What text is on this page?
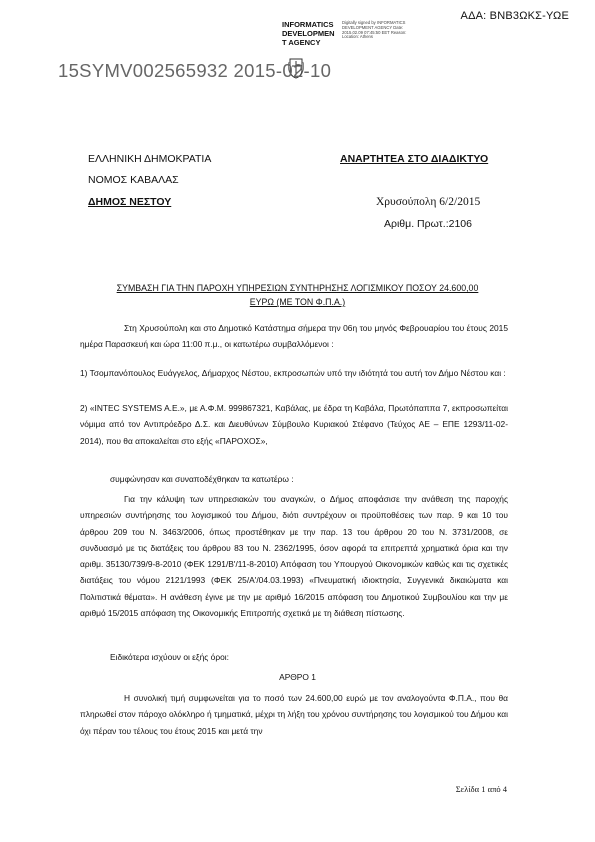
ΑΔΑ: ΒΝΒ3ΩΚΣ-ΥΩΕ
INFORMATICS DEVELOPMEN T AGENCY
Digitally signed by INFORMATICS DEVELOPMENT AGENCY Date: 2015.02.09 07:45:50 EET Reason: Location: Athens
15SYMV002565932 2015-02-10
ΕΛΛΗΝΙΚΗ ΔΗΜΟΚΡΑΤΙΑ
ΝΟΜΟΣ ΚΑΒΑΛΑΣ
ΔΗΜΟΣ ΝΕΣΤΟΥ
ΑΝΑΡΤΗΤΕΑ ΣΤΟ ΔΙΑΔΙΚΤΥΟ
Χρυσούπολη 6/2/2015
Αριθμ. Πρωτ.:2106
ΣΥΜΒΑΣΗ ΓΙΑ ΤΗΝ ΠΑΡΟΧΗ ΥΠΗΡΕΣΙΩΝ ΣΥΝΤΗΡΗΣΗΣ ΛΟΓΙΣΜΙΚΟΥ ΠΟΣΟΥ 24.600,00
ΕΥΡΩ (ΜΕ ΤΟΝ Φ.Π.Α.)
Στη Χρυσούπολη και στο Δημοτικό Κατάστημα σήμερα την 06η του μηνός Φεβρουαρίου του έτους 2015 ημέρα Παρασκευή και ώρα 11:00 π.μ., οι κατωτέρω συμβαλλόμενοι :
1) Τσομπανόπουλος Ευάγγελος, Δήμαρχος Νέστου, εκπροσωπών υπό την ιδιότητά του αυτή τον Δήμο Νέστου και :
2) «INTEC SYSTEMS A.E.», με Α.Φ.Μ. 999867321, Καβάλας, με έδρα τη Καβάλα, Πρωτόπαππα 7, εκπροσωπείται νόμιμα από τον Αντιπρόεδρο Δ.Σ. και Διευθύνων Σύμβουλο Κυριακού Στέφανο (Τεύχος ΑΕ – ΕΠΕ 1293/11-02-2014), που θα αποκαλείται στο εξής «ΠΑΡΟΧΟΣ»,
συμφώνησαν και συναποδέχθηκαν τα κατωτέρω :
Για την κάλυψη των υπηρεσιακών του αναγκών, ο Δήμος αποφάσισε την ανάθεση της παροχής υπηρεσιών συντήρησης του λογισμικού του Δήμου, διότι συντρέχουν οι προϋποθέσεις των παρ. 9 και 10 του άρθρου 209 του Ν. 3463/2006, όπως προστέθηκαν με την παρ. 13 του άρθρου 20 του Ν. 3731/2008, σε συνδυασμό με τις διατάξεις του άρθρου 83 του Ν. 2362/1995, όσον αφορά τα επιτρεπτά χρηματικά όρια και την αριθμ. 35130/739/9-8-2010 (ΦΕΚ 1291/Β'/11-8-2010) Απόφαση του Υπουργού Οικονομικών καθώς και τις σχετικές διατάξεις του νόμου 2121/1993 (ΦΕΚ 25/Α'/04.03.1993) «Πνευματική ιδιοκτησία, Συγγενικά δικαιώματα και Πολιτιστικά θέματα». Η ανάθεση έγινε με την με αριθμό 16/2015 απόφαση του Δημοτικού Συμβουλίου και την με αριθμό 15/2015 απόφαση της Οικονομικής Επιτροπής σχετικά με τη διάθεση πίστωσης.
Ειδικότερα ισχύουν οι εξής όροι:
ΑΡΘΡΟ 1
Η συνολική τιμή συμφωνείται για το ποσό των 24.600,00 ευρώ με τον αναλογούντα Φ.Π.Α., που θα πληρωθεί στον πάροχο ολόκληρο ή τμηματικά, μέχρι τη λήξη του χρόνου συντήρησης του λογισμικού του Δήμου και όχι πέραν του τέλους του έτους 2015 και μετά την
Σελίδα 1 από 4
